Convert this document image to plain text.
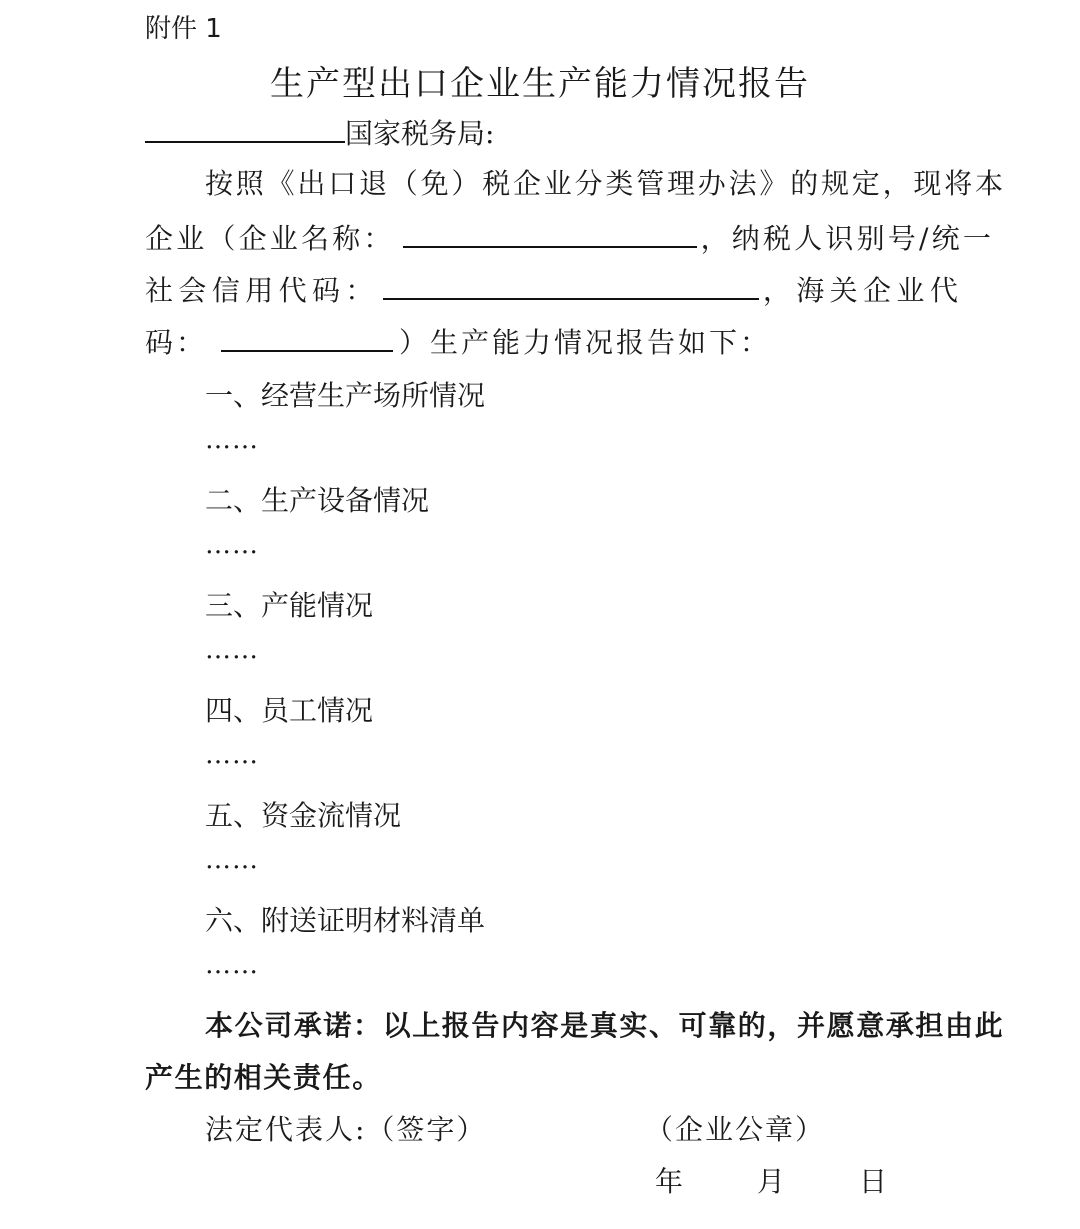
附件 1
生产型出口企业生产能力情况报告
国家税务局:
按照《出口退（免）税企业分类管理办法》的规定，现将本
企业（企业名称：	，纳税人识别号/统一
社会信用代码：	，海关企业代
码：	）生产能力情况报告如下：
一、经营生产场所情况
……
二、生产设备情况
……
三、产能情况
……
四、员工情况
……
五、资金流情况
……
六、附送证明材料清单
……
本公司承诺：以上报告内容是真实、可靠的，并愿意承担由此
产生的相关责任。
法定代表人:（签字）	（企业公章）
年　　月　　日
